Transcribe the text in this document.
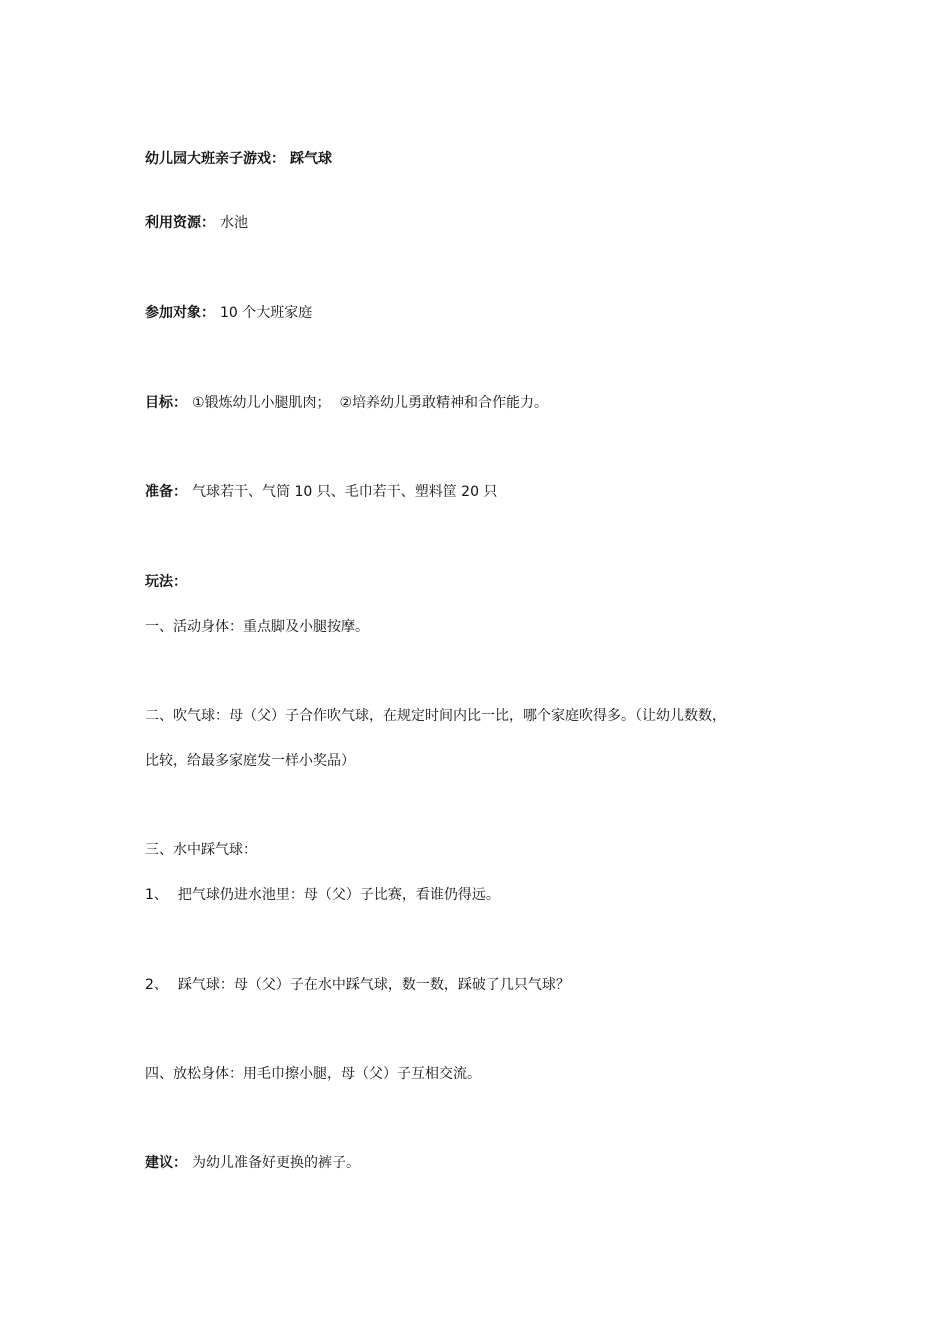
幼儿园大班亲子游戏： 踩气球
利用资源： 水池
参加对象： 10 个大班家庭
目标： ①锻炼幼儿小腿肌肉；  ②培养幼儿勇敢精神和合作能力。
准备： 气球若干、气筒 10 只、毛巾若干、塑料筐 20 只
玩法：
一、活动身体：重点脚及小腿按摩。
二、吹气球：母（父）子合作吹气球，在规定时间内比一比，哪个家庭吹得多。（让幼儿数数，
比较，给最多家庭发一样小奖品）
三、水中踩气球：
1、 把气球仍进水池里：母（父）子比赛，看谁仍得远。
2、 踩气球：母（父）子在水中踩气球，数一数，踩破了几只气球？
四、放松身体：用毛巾擦小腿，母（父）子互相交流。
建议： 为幼儿准备好更换的裤子。
